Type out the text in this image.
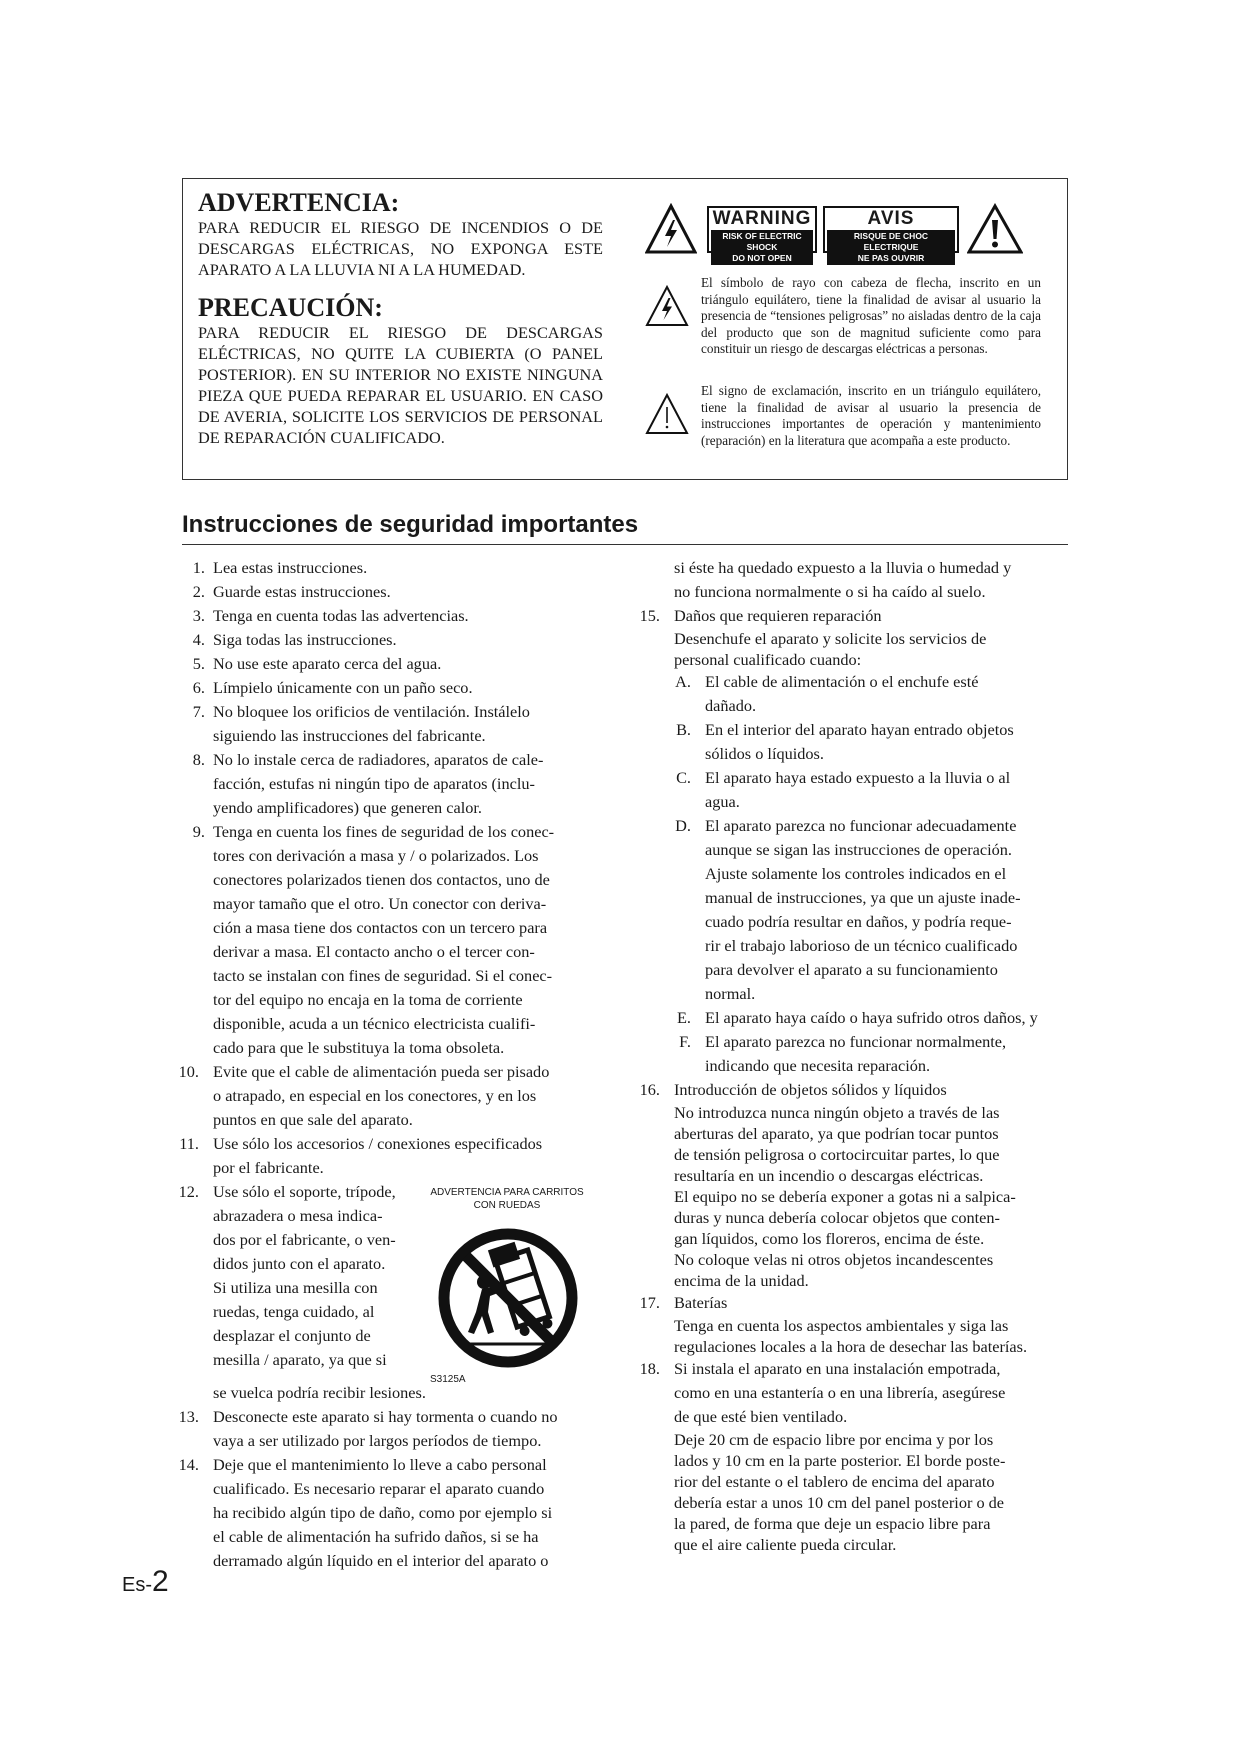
ADVERTENCIA:

PARA REDUCIR EL RIESGO DE INCENDIOS O DE DESCARGAS ELÉCTRICAS, NO EXPONGA ESTE APARATO A LA LLUVIA NI A LA HUMEDAD.

PRECAUCIÓN:

PARA REDUCIR EL RIESGO DE DESCARGAS ELÉCTRICAS, NO QUITE LA CUBIERTA (O PANEL POSTERIOR). EN SU INTERIOR NO EXISTE NINGUNA PIEZA QUE PUEDA REPARAR EL USUARIO. EN CASO DE AVERIA, SOLICITE LOS SERVICIOS DE PERSONAL DE REPARACIÓN CUALIFICADO.

WARNING
RISK OF ELECTRIC SHOCK
DO NOT OPEN
AVIS
RISQUE DE CHOC ELECTRIQUE
NE PAS OUVRIR

El símbolo de rayo con cabeza de flecha, inscrito en un triángulo equilátero, tiene la finalidad de avisar al usuario la presencia de “tensiones peligrosas” no aisladas dentro de la caja del producto que son de magnitud suficiente como para constituir un riesgo de descargas eléctricas a personas.

El signo de exclamación, inscrito en un triángulo equilátero, tiene la finalidad de avisar al usuario la presencia de instrucciones importantes de operación y mantenimiento (reparación) en la literatura que acompaña a este producto.

Instrucciones de seguridad importantes
1. Lea estas instrucciones.
2. Guarde estas instrucciones.
3. Tenga en cuenta todas las advertencias.
4. Siga todas las instrucciones.
5. No use este aparato cerca del agua.
6. Límpielo únicamente con un paño seco.
7. No bloquee los orificios de ventilación. Instálelo
siguiendo las instrucciones del fabricante.
8. No lo instale cerca de radiadores, aparatos de cale-
facción, estufas ni ningún tipo de aparatos (inclu-
yendo amplificadores) que generen calor.
9. Tenga en cuenta los fines de seguridad de los conec-
tores con derivación a masa y / o polarizados. Los
conectores polarizados tienen dos contactos, uno de
mayor tamaño que el otro. Un conector con deriva-
ción a masa tiene dos contactos con un tercero para
derivar a masa. El contacto ancho o el tercer con-
tacto se instalan con fines de seguridad. Si el conec-
tor del equipo no encaja en la toma de corriente
disponible, acuda a un técnico electricista cualifi-
cado para que le substituya la toma obsoleta.
10. Evite que el cable de alimentación pueda ser pisado
o atrapado, en especial en los conectores, y en los
puntos en que sale del aparato.
11. Use sólo los accesorios / conexiones especificados
por el fabricante.
12. Use sólo el soporte, trípode,
abrazadera o mesa indica-
dos por el fabricante, o ven-
didos junto con el aparato.
Si utiliza una mesilla con
ruedas, tenga cuidado, al
desplazar el conjunto de
mesilla / aparato, ya que si
ADVERTENCIA PARA CARRITOS
CON RUEDAS
S3125A

se vuelca podría recibir lesiones.

13. Desconecte este aparato si hay tormenta o cuando no
vaya a ser utilizado por largos períodos de tiempo.
14. Deje que el mantenimiento lo lleve a cabo personal
cualificado. Es necesario reparar el aparato cuando
ha recibido algún tipo de daño, como por ejemplo si
el cable de alimentación ha sufrido daños, si se ha
derramado algún líquido en el interior del aparato o
si éste ha quedado expuesto a la lluvia o humedad y
no funciona normalmente o si ha caído al suelo.
15. Daños que requieren reparación
Desenchufe el aparato y solicite los servicios de
personal cualificado cuando:
A. El cable de alimentación o el enchufe esté
dañado.
B. En el interior del aparato hayan entrado objetos
sólidos o líquidos.
C. El aparato haya estado expuesto a la lluvia o al
agua.
D. El aparato parezca no funcionar adecuadamente
aunque se sigan las instrucciones de operación.
Ajuste solamente los controles indicados en el
manual de instrucciones, ya que un ajuste inade-
cuado podría resultar en daños, y podría reque-
rir el trabajo laborioso de un técnico cualificado
para devolver el aparato a su funcionamiento
normal.
E. El aparato haya caído o haya sufrido otros daños, y
F. El aparato parezca no funcionar normalmente,
indicando que necesita reparación.
16. Introducción de objetos sólidos y líquidos
No introduzca nunca ningún objeto a través de las
aberturas del aparato, ya que podrían tocar puntos
de tensión peligrosa o cortocircuitar partes, lo que
resultaría en un incendio o descargas eléctricas.
El equipo no se debería exponer a gotas ni a salpica-
duras y nunca debería colocar objetos que conten-
gan líquidos, como los floreros, encima de éste.
No coloque velas ni otros objetos incandescentes
encima de la unidad.
17. Baterías
Tenga en cuenta los aspectos ambientales y siga las
regulaciones locales a la hora de desechar las baterías.
18. Si instala el aparato en una instalación empotrada,
como en una estantería o en una librería, asegúrese
de que esté bien ventilado.
Deje 20 cm de espacio libre por encima y por los
lados y 10 cm en la parte posterior. El borde poste-
rior del estante o el tablero de encima del aparato
debería estar a unos 10 cm del panel posterior o de
la pared, de forma que deje un espacio libre para
que el aire caliente pueda circular.

Es-2
